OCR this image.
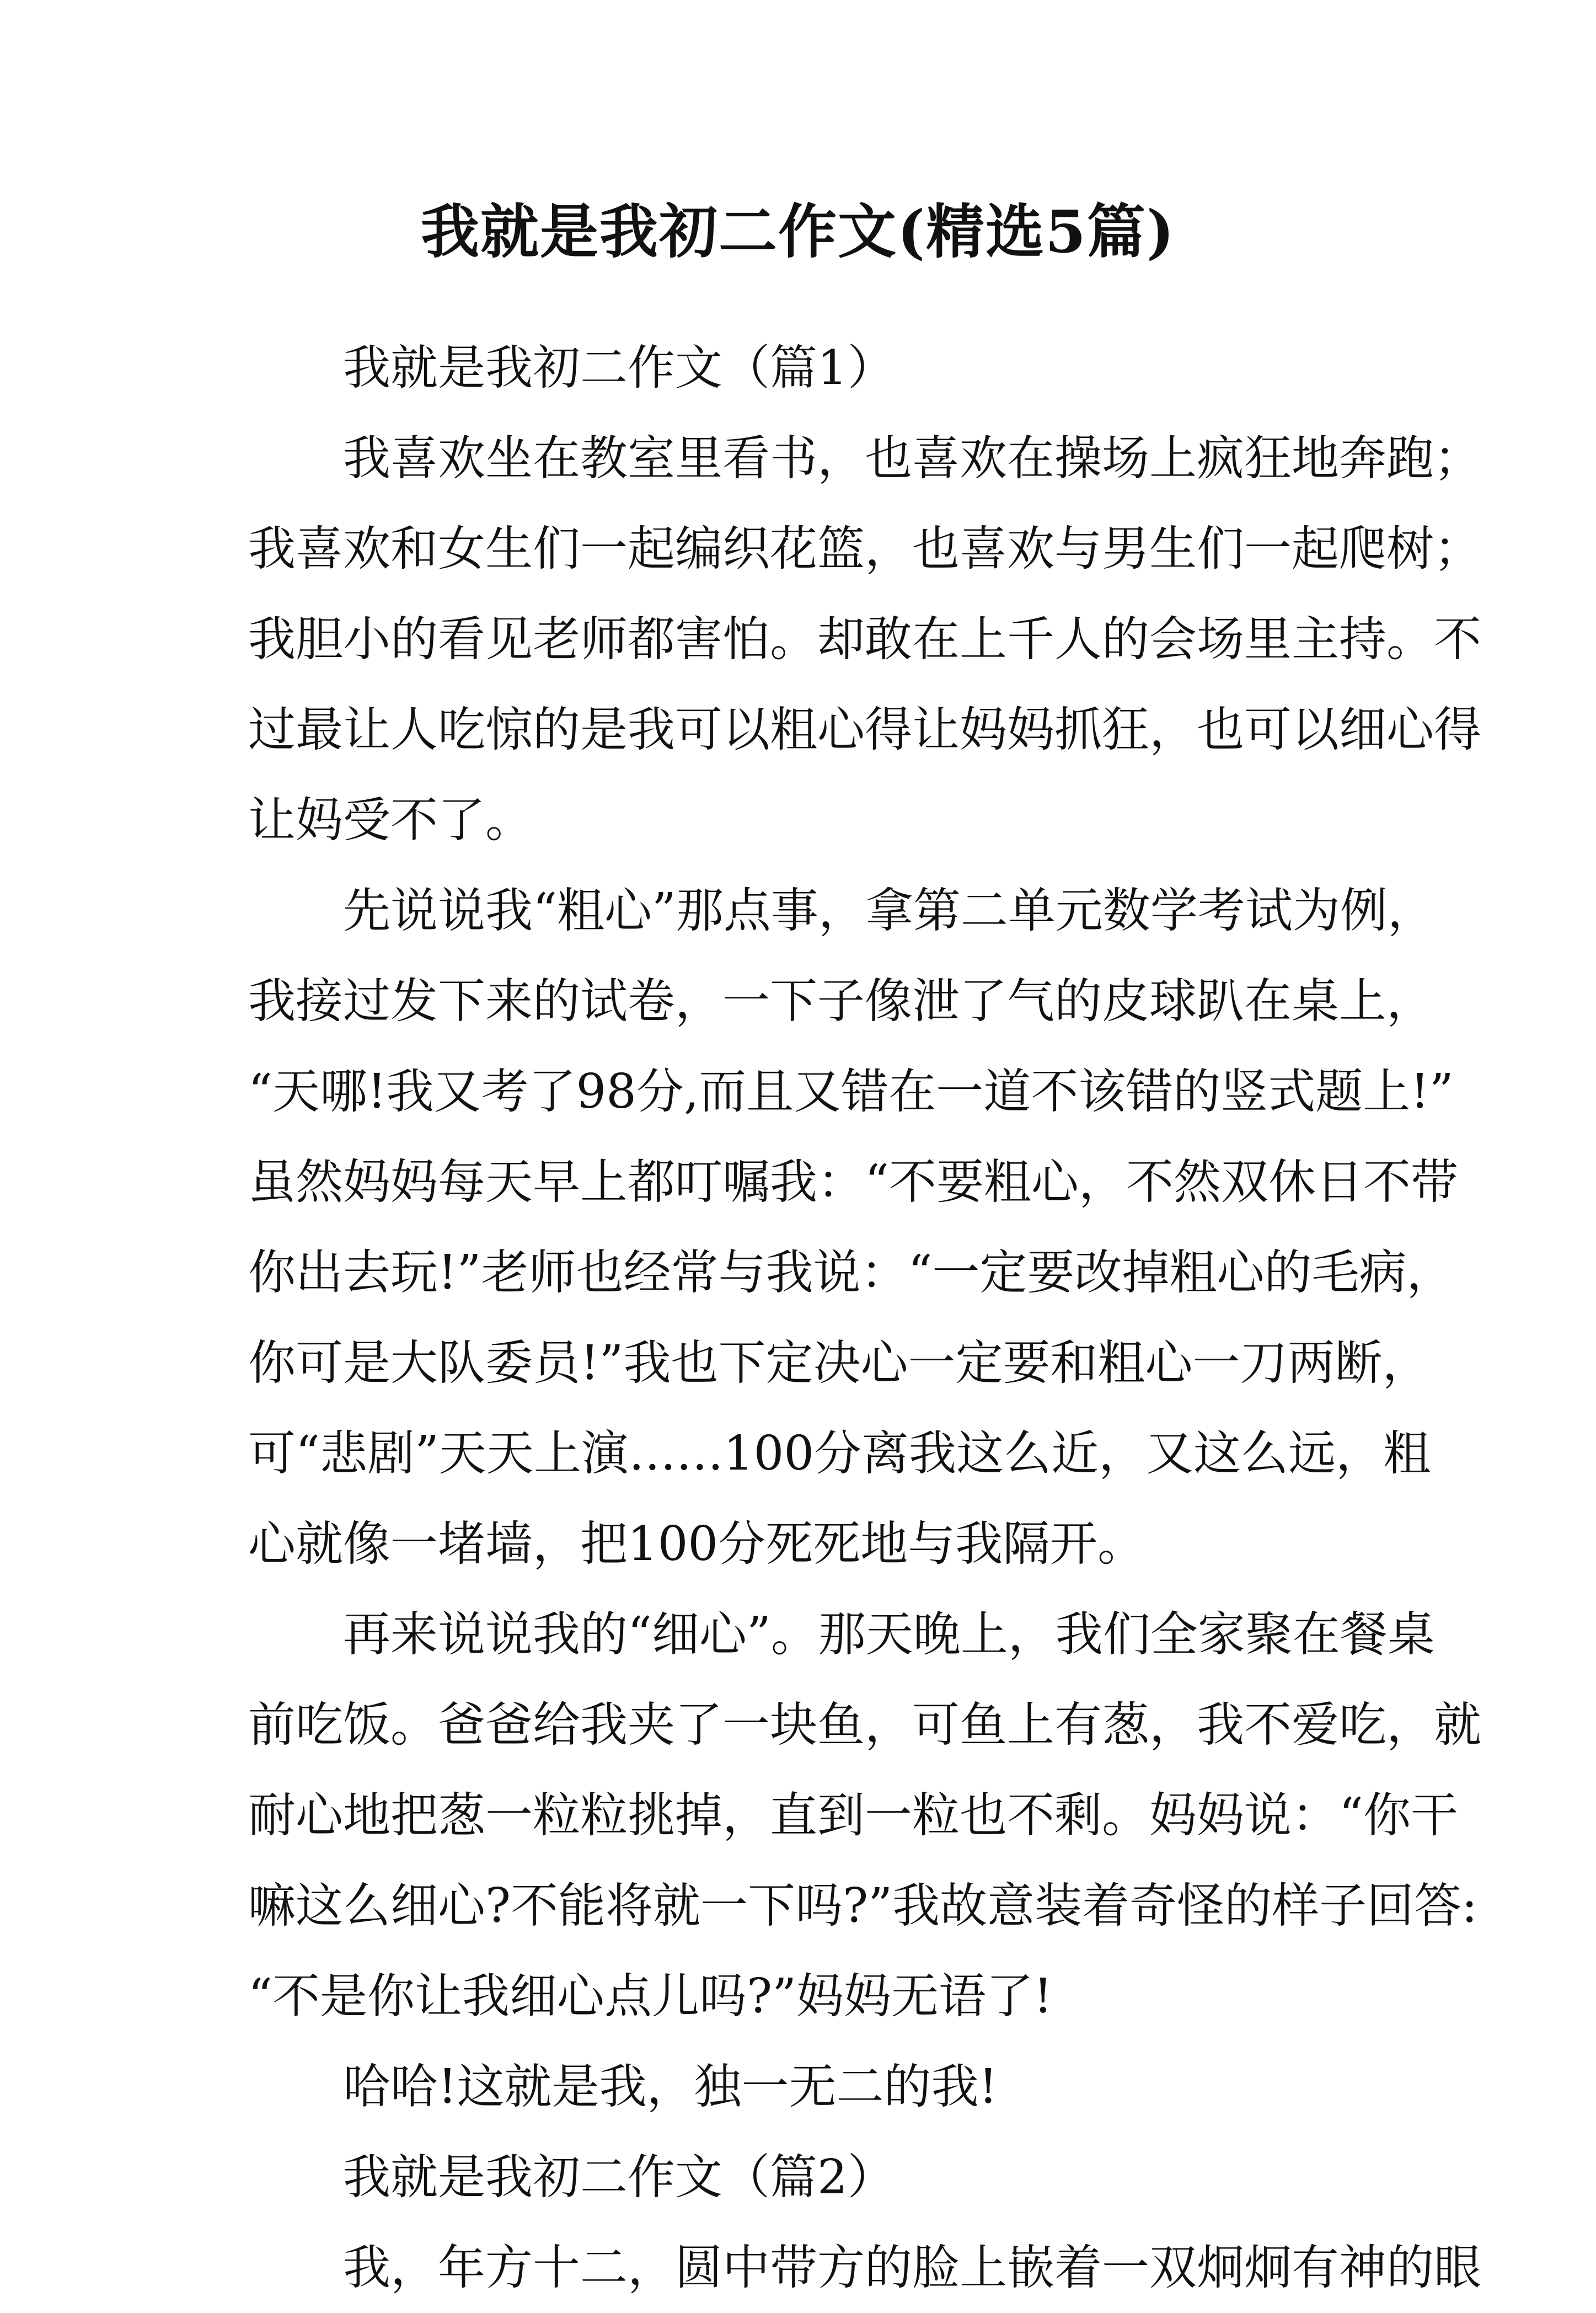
我就是我初二作文(精选5篇)
我就是我初二作文（篇1）
我喜欢坐在教室里看书，也喜欢在操场上疯狂地奔跑；
我喜欢和女生们一起编织花篮，也喜欢与男生们一起爬树；
我胆小的看见老师都害怕。却敢在上千人的会场里主持。不
过最让人吃惊的是我可以粗心得让妈妈抓狂，也可以细心得
让妈受不了。
先说说我“粗心”那点事，拿第二单元数学考试为例，
我接过发下来的试卷，一下子像泄了气的皮球趴在桌上，
“天哪!我又考了98分,而且又错在一道不该错的竖式题上!”
虽然妈妈每天早上都叮嘱我：“不要粗心，不然双休日不带
你出去玩!”老师也经常与我说：“一定要改掉粗心的毛病，
你可是大队委员!”我也下定决心一定要和粗心一刀两断，
可“悲剧”天天上演……100分离我这么近，又这么远，粗
心就像一堵墙，把100分死死地与我隔开。
再来说说我的“细心”。那天晚上，我们全家聚在餐桌
前吃饭。爸爸给我夹了一块鱼，可鱼上有葱，我不爱吃，就
耐心地把葱一粒粒挑掉，直到一粒也不剩。妈妈说：“你干
嘛这么细心?不能将就一下吗?”我故意装着奇怪的样子回答:
“不是你让我细心点儿吗?”妈妈无语了!
哈哈!这就是我，独一无二的我!
我就是我初二作文（篇2）
我，年方十二，圆中带方的脸上嵌着一双炯炯有神的眼
